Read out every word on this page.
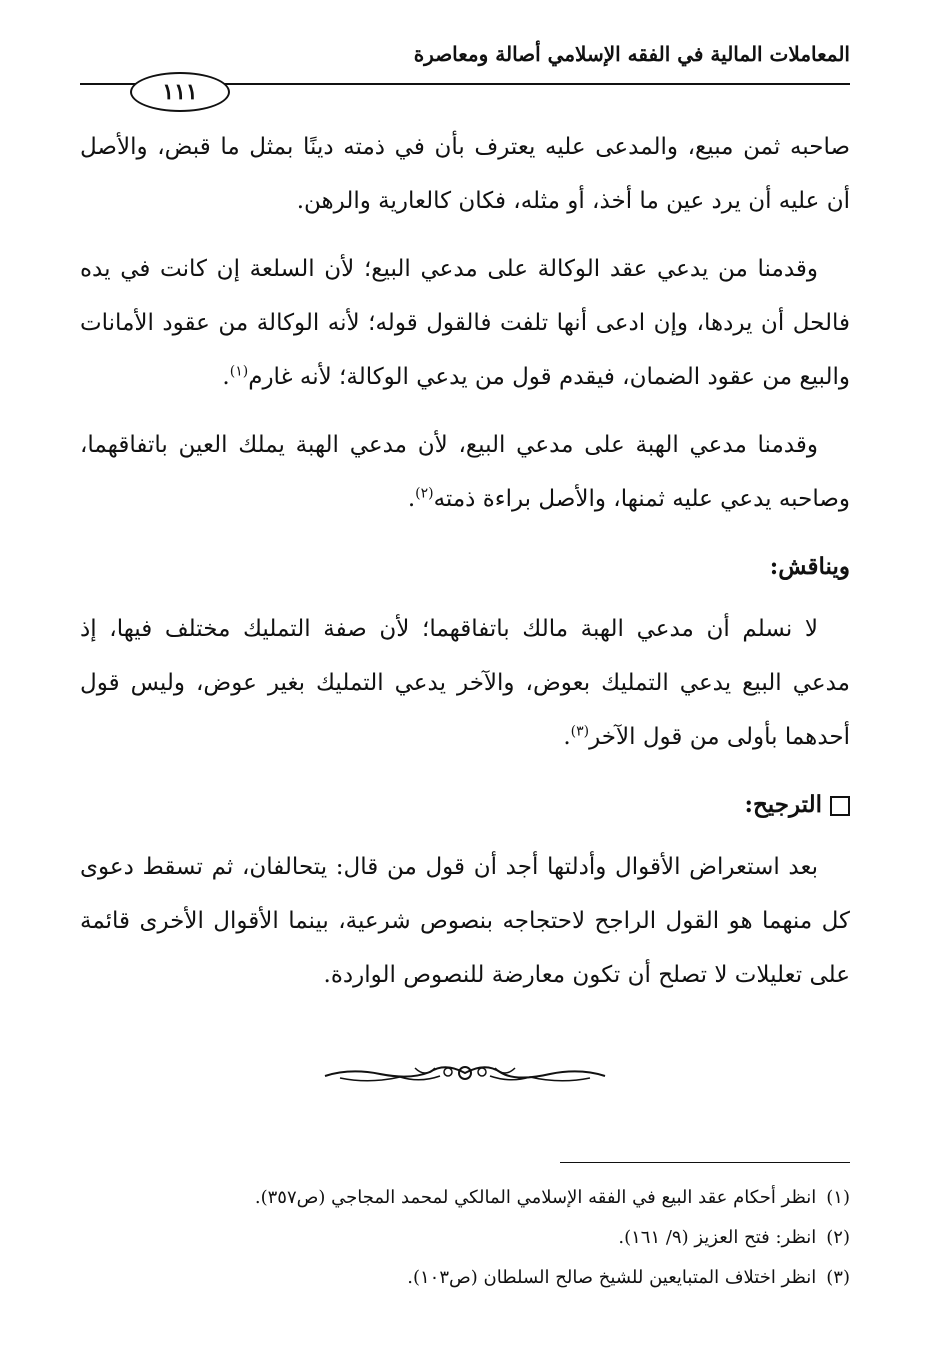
المعاملات المالية في الفقه الإسلامي أصالة ومعاصرة
١١١

صاحبه ثمن مبيع، والمدعى عليه يعترف بأن في ذمته دينًا بمثل ما قبض، والأصل أن عليه أن يرد عين ما أخذ، أو مثله، فكان كالعارية والرهن.

وقدمنا من يدعي عقد الوكالة على مدعي البيع؛ لأن السلعة إن كانت في يده فالحل أن يردها، وإن ادعى أنها تلفت فالقول قوله؛ لأنه الوكالة من عقود الأمانات والبيع من عقود الضمان، فيقدم قول من يدعي الوكالة؛ لأنه غارم$^{(١)}$.

وقدمنا مدعي الهبة على مدعي البيع، لأن مدعي الهبة يملك العين باتفاقهما، وصاحبه يدعي عليه ثمنها، والأصل براءة ذمته$^{(٢)}$.

ويناقش:

لا نسلم أن مدعي الهبة مالك باتفاقهما؛ لأن صفة التمليك مختلف فيها، إذ مدعي البيع يدعي التمليك بعوض، والآخر يدعي التمليك بغير عوض، وليس قول أحدهما بأولى من قول الآخر$^{(٣)}$.

الترجيح:

بعد استعراض الأقوال وأدلتها أجد أن قول من قال: يتحالفان، ثم تسقط دعوى كل منهما هو القول الراجح لاحتجاجه بنصوص شرعية، بينما الأقوال الأخرى قائمة على تعليلات لا تصلح أن تكون معارضة للنصوص الواردة.

(١)انظر أحكام عقد البيع في الفقه الإسلامي المالكي لمحمد المجاجي (ص٣٥٧).
(٢)انظر: فتح العزيز (٩/ ١٦١).
(٣)انظر اختلاف المتبايعين للشيخ صالح السلطان (ص١٠٣).
